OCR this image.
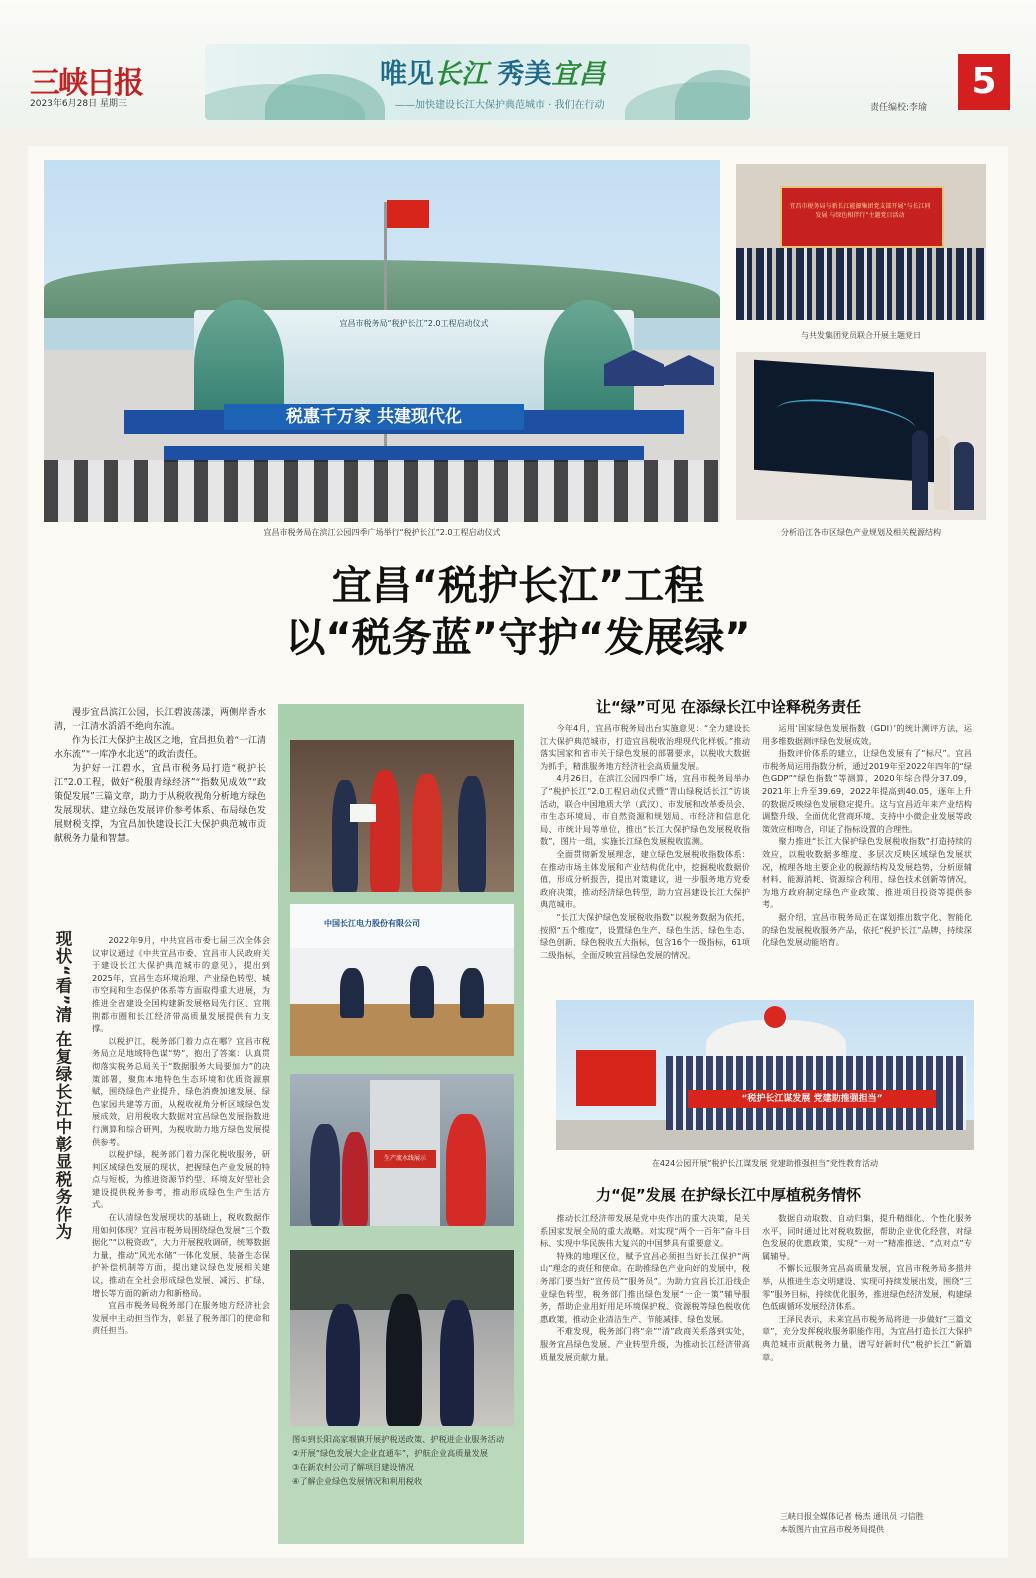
三峡日报
2023年6月28日 星期三
唯见长江 秀美宜昌
——加快建设长江大保护典范城市 · 我们在行动
5
责任编校:李瑜
宜昌市税务局“税护长江”2.0工程启动仪式
税惠千万家 共建现代化
宜昌市税务局在滨江公园四季广场举行“税护长江”2.0工程启动仪式
宜昌市税务局与新长江能源集团党支部开展“与长江同发展 与绿色相伴行”主题党日活动
与共发集团党员联合开展主题党日
分析沿江各市区绿色产业规划及相关税源结构
宜昌“税护长江”工程
以“税务蓝”守护“发展绿”

漫步宜昌滨江公园，长江碧波荡漾，两侧岸香水清，一江清水滔滔不绝向东流。

作为长江大保护主战区之地，宜昌担负着“一江清水东流”“一库净水北送”的政治责任。

为护好一江碧水，宜昌市税务局打造“税护长江”2.0工程，做好“税服青绿经济”“指数见成效”“政策促发展”三篇文章，助力于从税收视角分析地方绿色发展现状、建立绿色发展评价参考体系、布局绿色发展财税支撑，为宜昌加快建设长江大保护典范城市贡献税务力量和智慧。

现状“看”清 在复绿长江中彰显税务作为	2022年9月，中共宜昌市委七届三次全体会议审议通过《中共宜昌市委、宜昌市人民政府关于建设长江大保护典范城市的意见》，提出到2025年，宜昌生态环境治理、产业绿色转型、城市空间和生态保护体系等方面取得重大进展，为推进全省建设全国构建新发展格局先行区、宜荆荆都市圈和长江经济带高质量发展提供有力支撑。

以税护江，税务部门着力点在哪？宜昌市税务局立足地域特色谋“势”，抱出了答案：认真贯彻落实税务总局关于“数据服务大局要加力”的决策部署，聚焦本地特色生态环境和优质资源禀赋，围绕绿色产业提升、绿色消费加速发展、绿色家园共建等方面，从税收视角分析区域绿色发展成效，启用税收大数据对宜昌绿色发展指数进行测算和综合研判，为税收助力地方绿色发展提供参考。

以税护绿，税务部门着力深化税收服务，研判区域绿色发展的现状，把握绿色产业发展的特点与短板，为推进资源节约型、环境友好型社会建设提供税务参考，推动形成绿色生产生活方式。

在认清绿色发展现状的基础上，税收数据作用如何体现？宜昌市税务局围绕绿色发展“三个数据化”“以税资政”，大力开展税收调研，统筹数据力量，推动“风光水储”一体化发展、装备生态保护补偿机制等方面，提出建议绿色发展相关建议，推动在全社会形成绿色发展、减污、扩绿、增长等方面的新动力和新格局。

宜昌市税务局税务部门在服务地方经济社会发展中主动担当作为，彰显了税务部门的使命和责任担当。

中国长江电力股份有限公司
生产流水线展示
图①到长阳高家堰镇开展护税送政策、护税进企业服务活动
②开展“绿色发展大企业直通车”，护航企业高质量发展
③在新农村公司了解项目建设情况
④了解企业绿色发展情况和利用税收
让“绿”可见 在添绿长江中诠释税务责任

今年4月，宜昌市税务局出台实施意见：“全力建设长江大保护典范城市，打造宜昌税收治理现代化样板。”推动落实国家和省市关于绿色发展的部署要求，以税收大数据为抓手，精准服务地方经济社会高质量发展。

4月26日，在滨江公园四季广场，宜昌市税务局举办了“税护长江”2.0工程启动仪式暨“青山绿税话长江”访谈活动，联合中国地质大学（武汉）、市发展和改革委员会、市生态环境局、市自然资源和规划局、市经济和信息化局、市统计局等单位，推出“长江大保护绿色发展税收指数”，图片一组，实施长江绿色发展税收监测。

全面贯彻新发展理念，建立绿色发展税收指数体系：在推动市场主体发展和产业结构优化中，挖掘税收数据价值，形成分析报告，提出对策建议，进一步服务地方党委政府决策，推动经济绿色转型，助力宜昌建设长江大保护典范城市。

“长江大保护绿色发展税收指数”以税务数据为依托，按照“五个维度”，设置绿色生产、绿色生活、绿色生态、绿色创新、绿色税收五大指标，包含16个一级指标，61项二级指标，全面反映宜昌绿色发展的情况。

运用‘国家绿色发展指数（GDI）’的统计测评方法，运用多维数据测评绿色发展成效。

指数评价体系的建立，让绿色发展有了“标尺”。宜昌市税务局运用指数分析，通过2019年至2022年四年的“绿色GDP”“绿色指数”等测算，2020年综合得分37.09，2021年上升至39.69，2022年提高到40.05，逐年上升的数据反映绿色发展稳定提升。这与宜昌近年来产业结构调整升级、全面优化营商环境、支持中小微企业发展等政策效应相吻合，印证了指标设置的合理性。

聚力推进“长江大保护绿色发展税收指数”打造持续的效应，以税收数据多维度、多层次反映区域绿色发展状况，梳理各地主要企业的税源结构及发展趋势，分析原辅材料、能源消耗、资源综合利用、绿色技术创新等情况，为地方政府制定绿色产业政策、推进项目投资等提供参考。

据介绍，宜昌市税务局正在谋划推出数字化、智能化的绿色发展税收服务产品，依托“税护长江”品牌，持续深化绿色发展动能培育。

“税护长江谋发展 党建助推强担当”
在424公园开展“税护长江谋发展 党建助推强担当”党性教育活动
力“促”发展 在护绿长江中厚植税务情怀

推动长江经济带发展是党中央作出的重大决策，是关系国家发展全局的重大战略。对实现“两个一百年”奋斗目标、实现中华民族伟大复兴的中国梦具有重要意义。

特殊的地理区位，赋予宜昌必须担当好长江保护“两山”理念的责任和使命。在助推绿色产业向好的发展中，税务部门要当好“宣传员”“服务员”。为助力宜昌长江沿线企业绿色转型，税务部门推出绿色发展“一企一策”辅导服务，帮助企业用好用足环境保护税、资源税等绿色税收优惠政策，推动企业清洁生产、节能减排、绿色发展。

不难发现，税务部门将“亲”“清”政商关系落到实处，服务宜昌绿色发展、产业转型升级，为推动长江经济带高质量发展贡献力量。

数据自动取数、自动归集，提升精细化、个性化服务水平，同时通过比对税收数据，帮助企业优化经营，对绿色发展的优惠政策，实现“一对一”精准推送、“点对点”专属辅导。

不懈长远服务宜昌高质量发展，宜昌市税务局多措并举，从推进生态文明建设、实现可持续发展出发，围绕“三零”服务目标，持续优化服务，推进绿色经济发展，构建绿色低碳循环发展经济体系。

王泽民表示，未来宜昌市税务局将进一步做好“三篇文章”，充分发挥税收服务职能作用，为宜昌打造长江大保护典范城市贡献税务力量，谱写好新时代“税护长江”新篇章。

三峡日报全媒体记者 杨杰 通讯员 刁信胜
本版图片由宜昌市税务局提供
